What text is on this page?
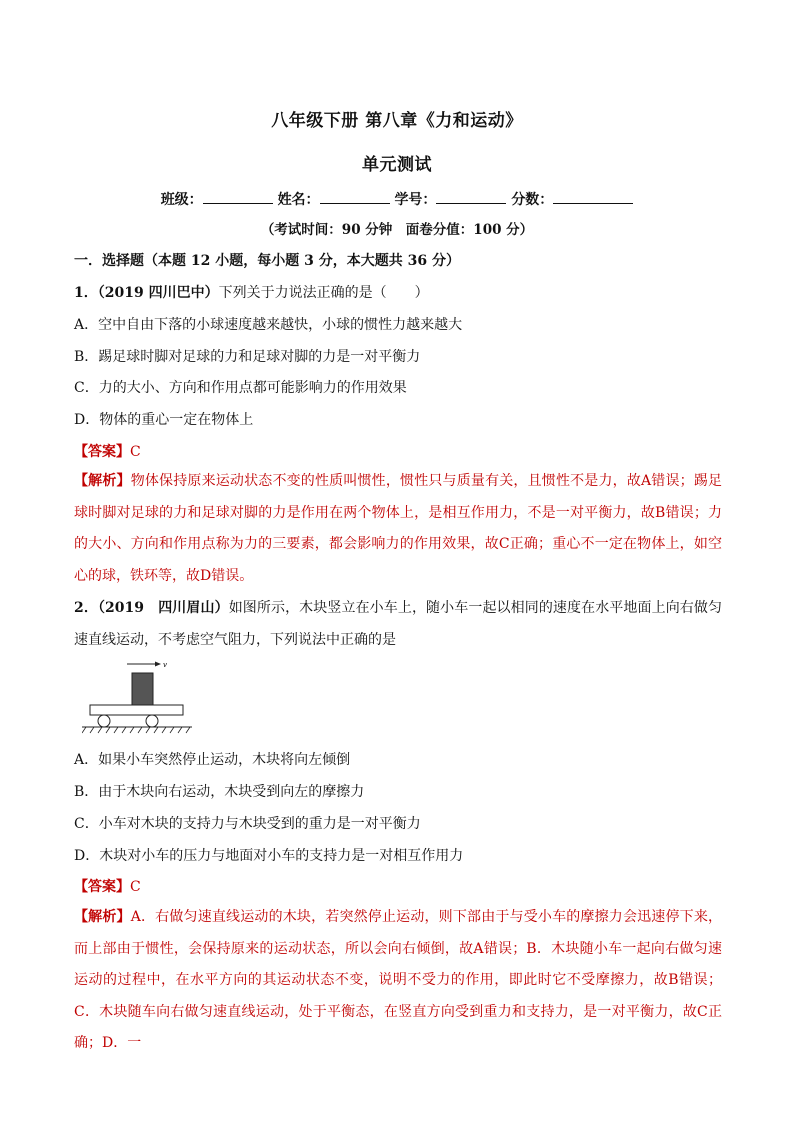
八年级下册 第八章《力和运动》
单元测试
班级：	姓名：	学号：	分数：
（考试时间：90 分钟　面卷分值：100 分）
一．选择题（本题 12 小题，每小题 3 分，本大题共 36 分）
1．（2019 四川巴中）下列关于力说法正确的是（　　）
A．空中自由下落的小球速度越来越快，小球的惯性力越来越大
B．踢足球时脚对足球的力和足球对脚的力是一对平衡力
C．力的大小、方向和作用点都可能影响力的作用效果
D．物体的重心一定在物体上
【答案】C
【解析】物体保持原来运动状态不变的性质叫惯性，惯性只与质量有关，且惯性不是力，故A错误；踢足球时脚对足球的力和足球对脚的力是作用在两个物体上，是相互作用力，不是一对平衡力，故B错误；力的大小、方向和作用点称为力的三要素，都会影响力的作用效果，故C正确；重心不一定在物体上，如空心的球，铁环等，故D错误。
2．（2019　四川眉山）如图所示，木块竖立在小车上，随小车一起以相同的速度在水平地面上向右做匀速直线运动，不考虑空气阻力，下列说法中正确的是
v
A．如果小车突然停止运动，木块将向左倾倒
B．由于木块向右运动，木块受到向左的摩擦力
C．小车对木块的支持力与木块受到的重力是一对平衡力
D．木块对小车的压力与地面对小车的支持力是一对相互作用力
【答案】C
【解析】A．右做匀速直线运动的木块，若突然停止运动，则下部由于与受小车的摩擦力会迅速停下来，而上部由于惯性，会保持原来的运动状态，所以会向右倾倒，故A错误；B．木块随小车一起向右做匀速运动的过程中，在水平方向的其运动状态不变，说明不受力的作用，即此时它不受摩擦力，故B错误；C．木块随车向右做匀速直线运动，处于平衡态，在竖直方向受到重力和支持力，是一对平衡力，故C正确；D．一
